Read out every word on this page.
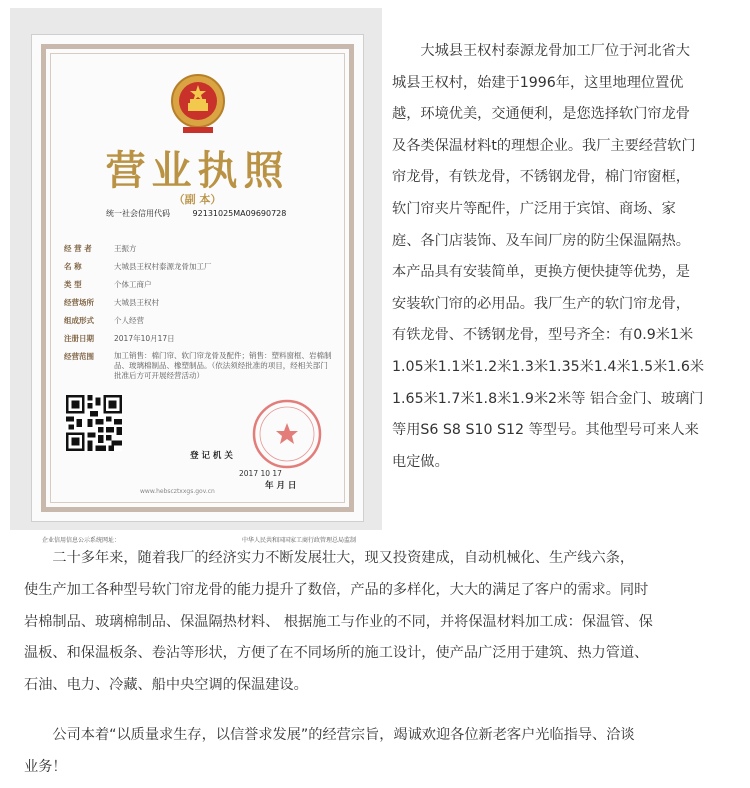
营业执照
（副 本）
统一社会信用代码	92131025MA09690728
经 营 者	王振方
名 称	大城县王权村泰源龙骨加工厂
类 型	个体工商户
经营场所	大城县王权村
组成形式	个人经营
注册日期	2017年10月17日
经营范围	加工销售：棉门帘、软门帘龙骨及配件；销售：塑料窗框、岩棉制品、玻璃棉制品、橡塑制品。（依法须经批准的项目，经相关部门批准后方可开展经营活动）
登 记 机 关
2017 10 17
年 月 日
www.hebscztxxgs.gov.cn
企业信用信息公示系统网址：	中华人民共和国国家工商行政管理总局监制

　　大城县王权村泰源龙骨加工厂位于河北省大
城县王权村，始建于1996年，这里地理位置优
越，环境优美，交通便利，是您选择软门帘龙骨
及各类保温材料t的理想企业。我厂主要经营软门
帘龙骨，有铁龙骨，不锈钢龙骨，棉门帘窗框，
软门帘夹片等配件，广泛用于宾馆、商场、家
庭、各门店装饰、及车间厂房的防尘保温隔热。
本产品具有安装简单，更换方便快捷等优势，是
安装软门帘的必用品。我厂生产的软门帘龙骨，
有铁龙骨、不锈钢龙骨，型号齐全：有0.9米1米
1.05米1.1米1.2米1.3米1.35米1.4米1.5米1.6米
1.65米1.7米1.8米1.9米2米等 铝合金门、玻璃门
等用S6 S8 S10 S12 等型号。其他型号可来人来
电定做。

　　二十多年来，随着我厂的经济实力不断发展壮大，现又投资建成，自动机械化、生产线六条，
使生产加工各种型号软门帘龙骨的能力提升了数倍，产品的多样化，大大的满足了客户的需求。同时
岩棉制品、玻璃棉制品、保温隔热材料、 根据施工与作业的不同，并将保温材料加工成：保温管、保
温板、和保温板条、卷沾等形状，方便了在不同场所的施工设计，使产品广泛用于建筑、热力管道、
石油、电力、冷藏、船中央空调的保温建设。

　　公司本着“以质量求生存，以信誉求发展”的经营宗旨，竭诚欢迎各位新老客户光临指导、洽谈
业务！
